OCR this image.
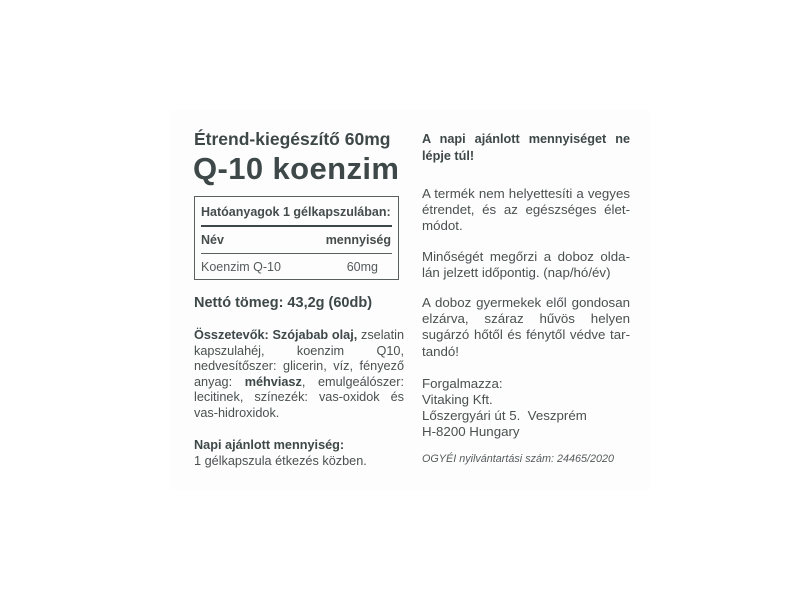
Étrend-kiegészítő 60mg
Q-10 koenzim
Hatóanyagok 1 gélkapszulában:
Név	mennyiség
Koenzim Q-10	60mg
Nettó tömeg: 43,2g (60db)
Összetevők: Szójabab olaj, zselatin kapszulahéj, koenzim Q10, nedvesítőszer: glicerin, víz, fényező anyag: méhviasz, emulgeálószer: lecitinek, színezék: vas-oxidok és vas-hidroxidok.
Napi ajánlott mennyiség:
1 gélkapszula étkezés közben.

A napi ajánlott mennyiséget ne lépje túl!

A termék nem helyettesíti a vegyes étrendet, és az egészséges életmódot.

Minőségét megőrzi a doboz oldalán jelzett időpontig. (nap/hó/év)

A doboz gyermekek elől gondosan elzárva, száraz hűvös helyen sugárzó hőtől és fénytől védve tartandó!

Forgalmazza:
Vitaking Kft.
Lőszergyári út 5.  Veszprém
H-8200 Hungary
OGYÉI nyilvántartási szám: 24465/2020
